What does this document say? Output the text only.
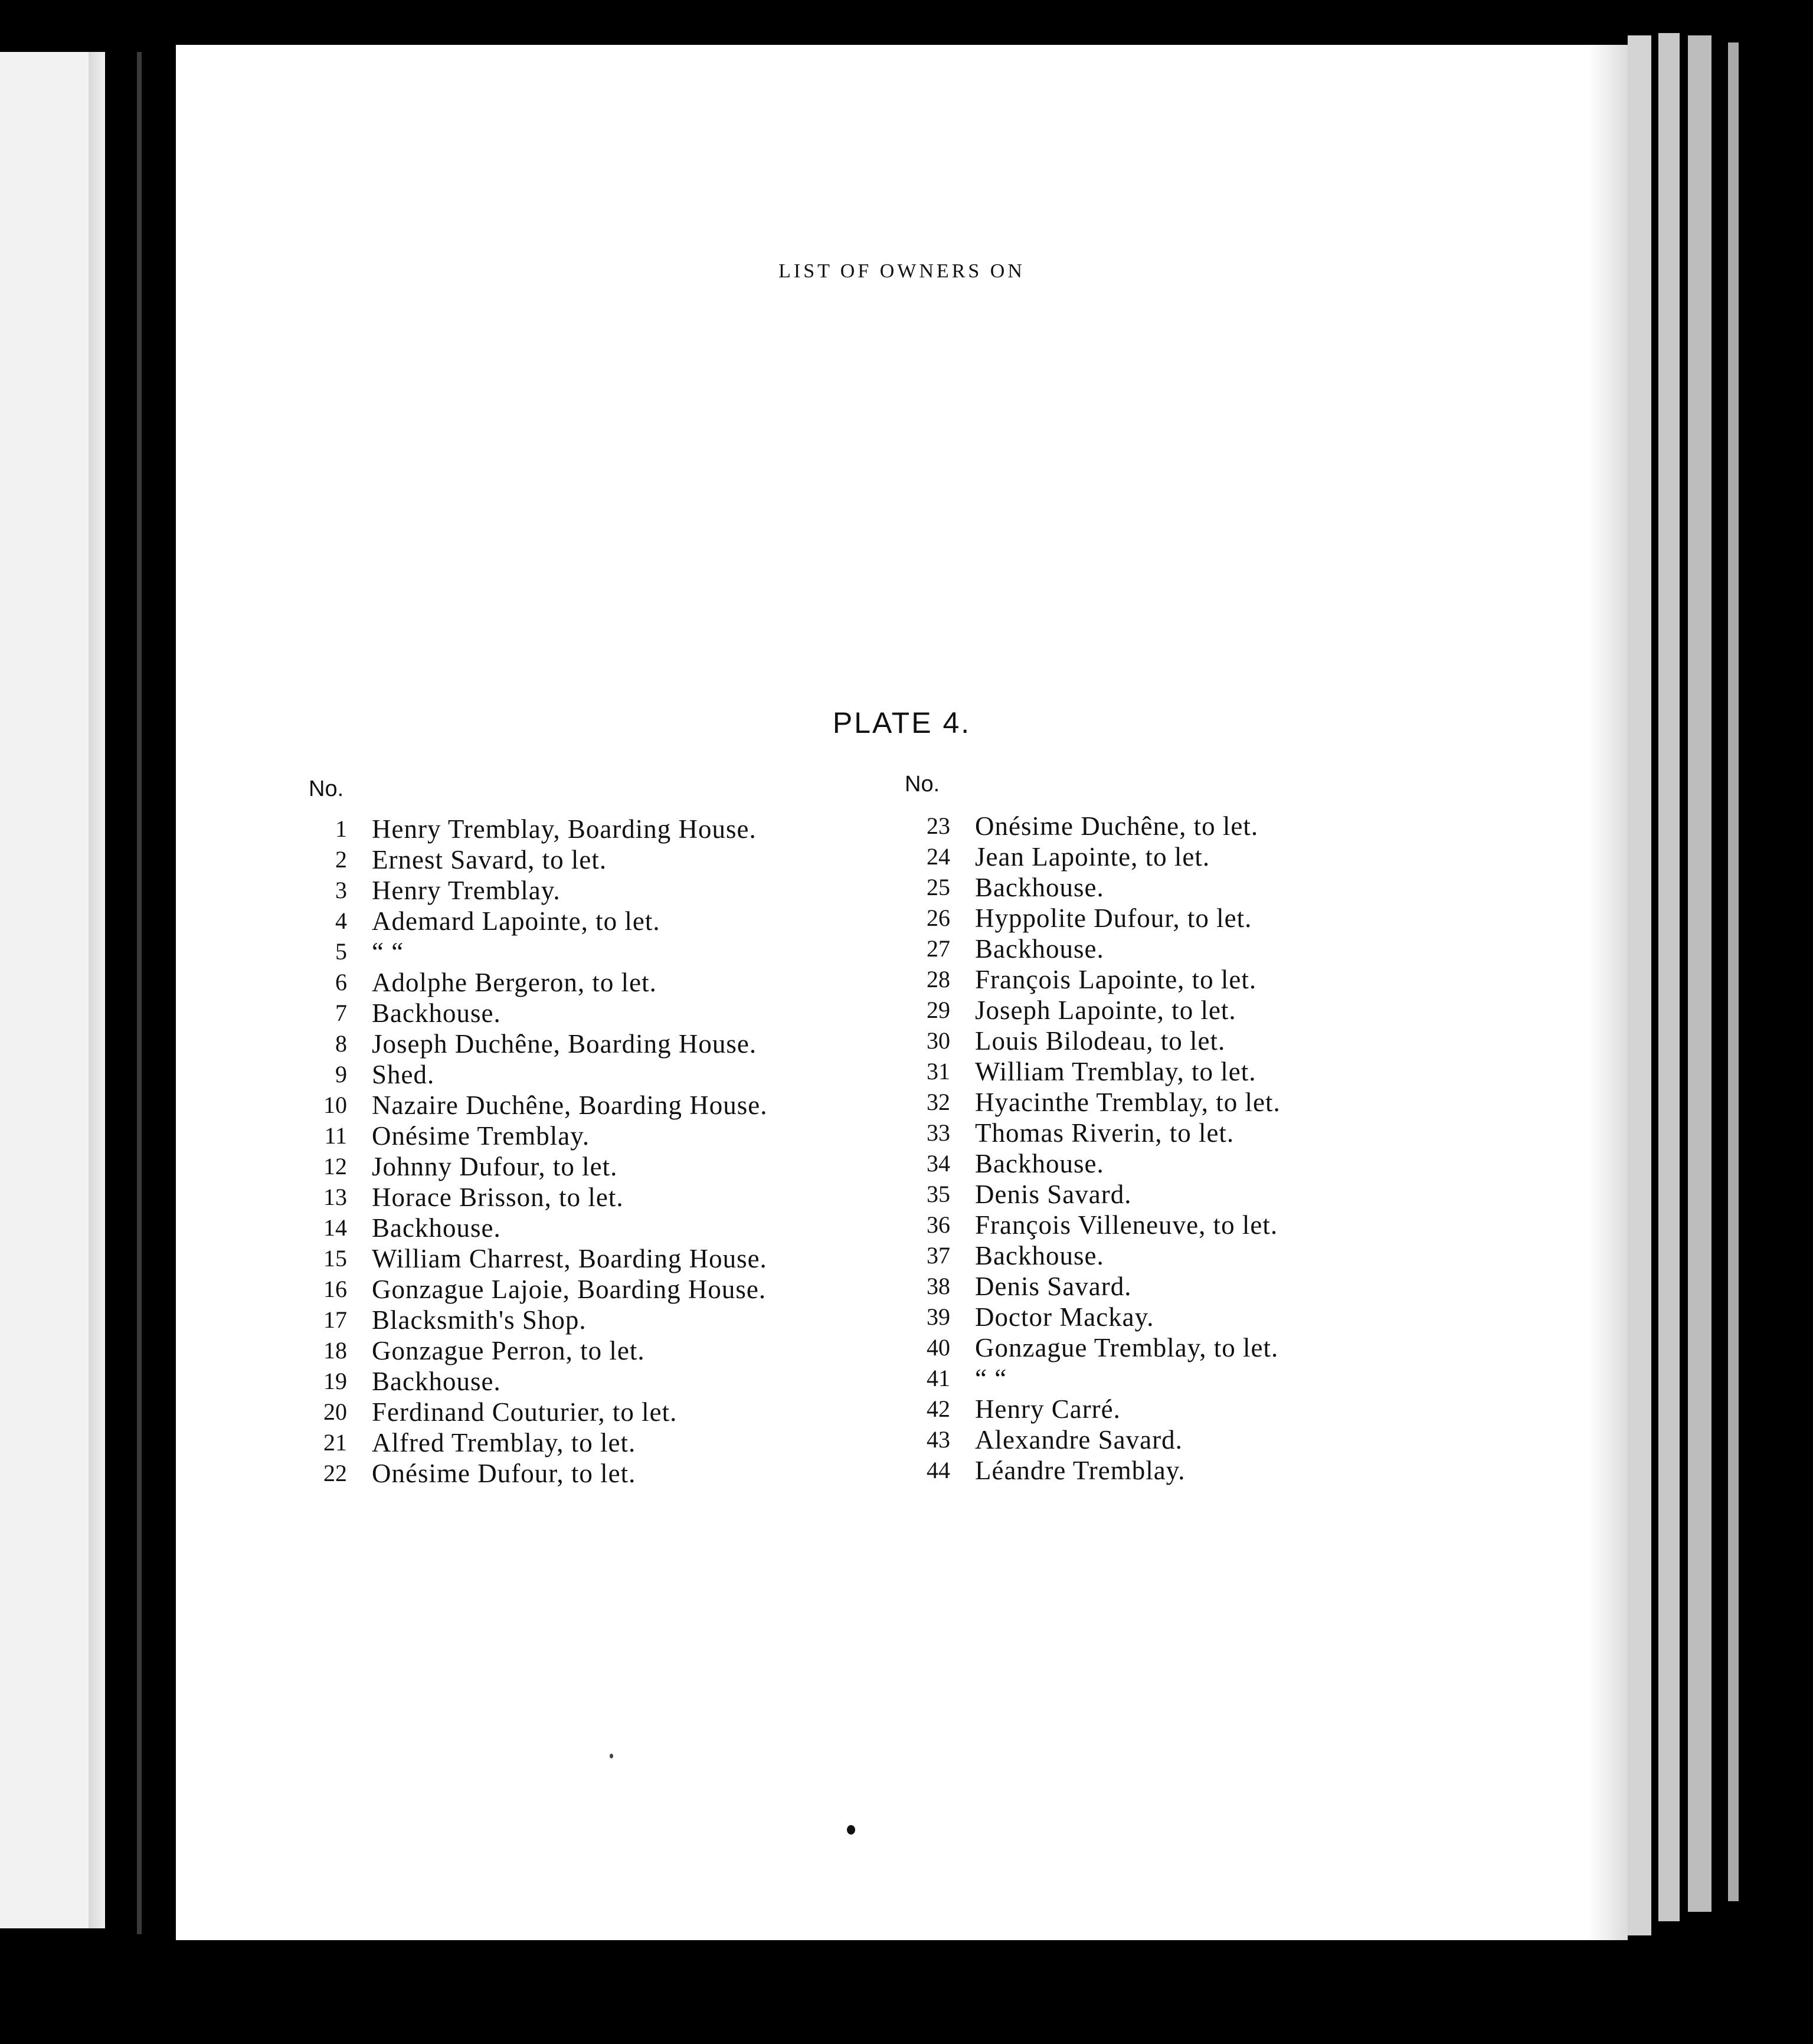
LIST OF OWNERS ON
PLATE 4.
No.	No.
1 Henry Tremblay, Boarding House.
2 Ernest Savard, to let.
3 Henry Tremblay.
4 Ademard Lapointe, to let.
5 “ “
6 Adolphe Bergeron, to let.
7 Backhouse.
8 Joseph Duchêne, Boarding House.
9 Shed.
10 Nazaire Duchêne, Boarding House.
11 Onésime Tremblay.
12 Johnny Dufour, to let.
13 Horace Brisson, to let.
14 Backhouse.
15 William Charrest, Boarding House.
16 Gonzague Lajoie, Boarding House.
17 Blacksmith's Shop.
18 Gonzague Perron, to let.
19 Backhouse.
20 Ferdinand Couturier, to let.
21 Alfred Tremblay, to let.
22 Onésime Dufour, to let.
23 Onésime Duchêne, to let.
24 Jean Lapointe, to let.
25 Backhouse.
26 Hyppolite Dufour, to let.
27 Backhouse.
28 François Lapointe, to let.
29 Joseph Lapointe, to let.
30 Louis Bilodeau, to let.
31 William Tremblay, to let.
32 Hyacinthe Tremblay, to let.
33 Thomas Riverin, to let.
34 Backhouse.
35 Denis Savard.
36 François Villeneuve, to let.
37 Backhouse.
38 Denis Savard.
39 Doctor Mackay.
40 Gonzague Tremblay, to let.
41 “ “
42 Henry Carré.
43 Alexandre Savard.
44 Léandre Tremblay.
